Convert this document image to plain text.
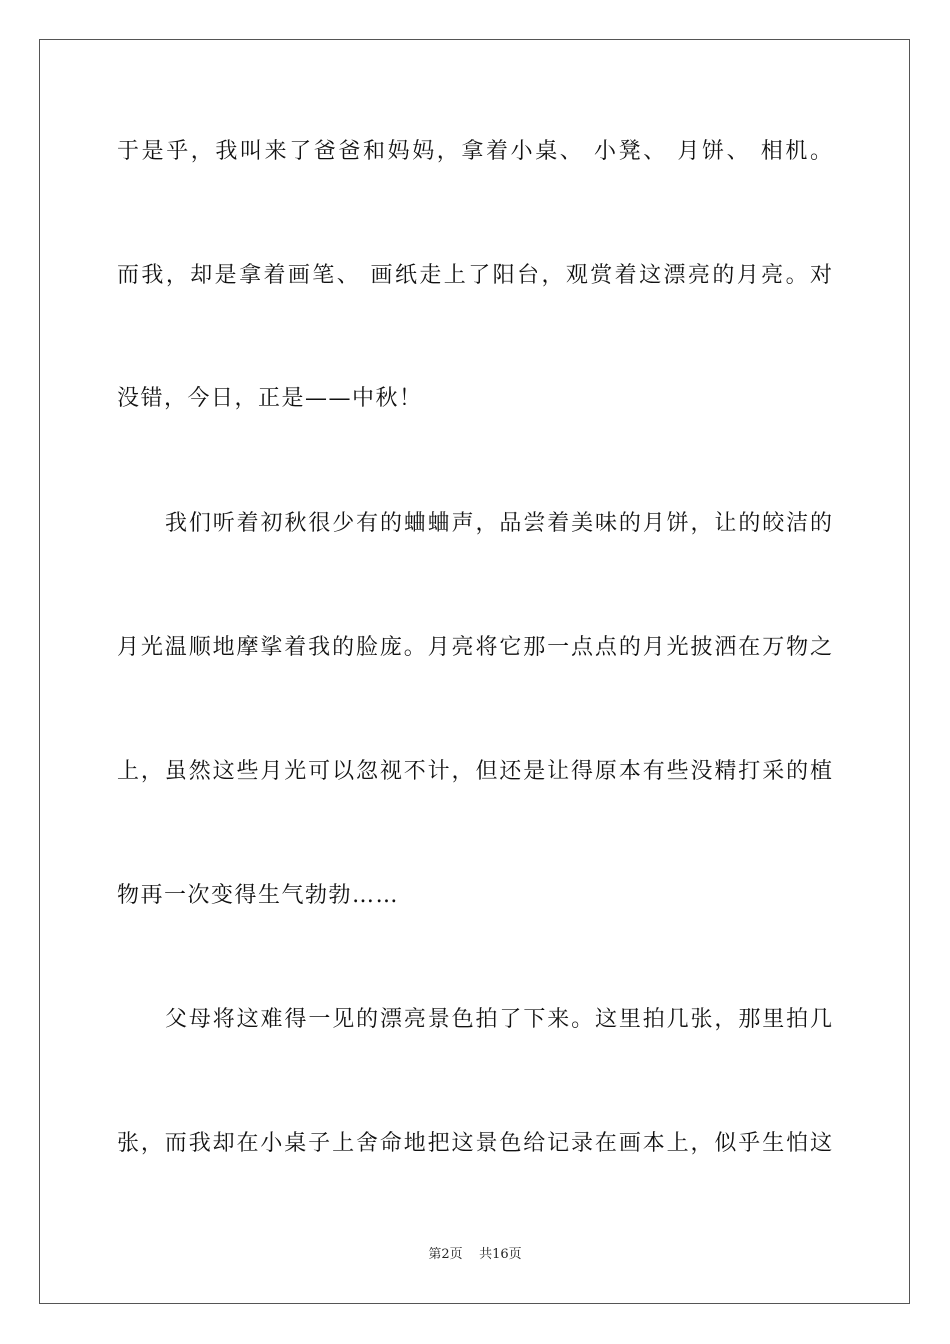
于是乎，我叫来了爸爸和妈妈，拿着小桌、 小凳、 月饼、 相机。
而我，却是拿着画笔、 画纸走上了阳台，观赏着这漂亮的月亮。对
没错，今日，正是——中秋！
我们听着初秋很少有的蛐蛐声，品尝着美味的月饼，让的皎洁的
月光温顺地摩挲着我的脸庞。月亮将它那一点点的月光披洒在万物之
上，虽然这些月光可以忽视不计，但还是让得原本有些没精打采的植
物再一次变得生气勃勃……
父母将这难得一见的漂亮景色拍了下来。这里拍几张，那里拍几
张，而我却在小桌子上舍命地把这景色给记录在画本上，似乎生怕这
第2页 共16页
